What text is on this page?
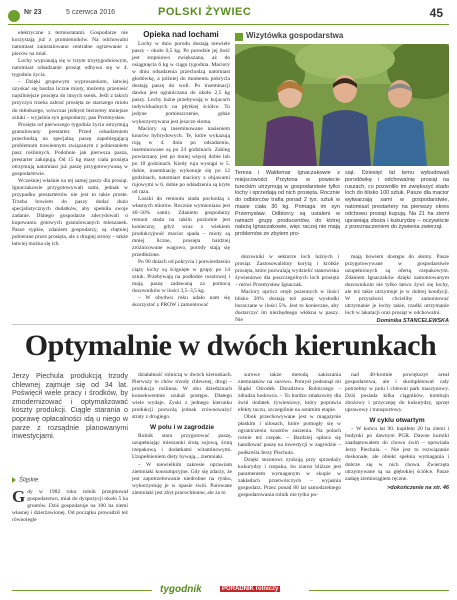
Nr 23	5 czerwca 2016	POLSKI ŻYWIEC	45

elektryczne z termostatami. Gospodarze nie korzystają już z promienników. Na odchowalni natomiast zainstalowano centralne ogrzewanie z pieców na miał.

Lochy wypranają się w trzyte trzytygodniowym, natomiast odsadzanie prosiąt odbywa się w 4. tygodniu życia.

– Dzięki grupowym wyproszeniom, łatwiej uzyskać się bardzo liczne mioty, możemy przenieść najsilniejsze prosięta do innych ssenk. Jeśli z takich przyczyn trzeba zabrać prosięta ze starszego miotu do młodszego, wówczas jednym bierzemy mniejsze sztuki – wyjaśnia syn gospodarzy, pan Przemysław.

Prosięta od pierwszego tygodnia życia otrzymują granulowany prestarter. Przed odsadzeniem przechodzą na specjalną paszę zapobiegającą problemom trawiennym związanym z pobieraniem pasz roślinnych. Podobnie jak pierwsza pasza, prestarter zakupują. Od 15 kg masy ciała prosięta otrzymują natomiast już paszę przygotowywaną w gospodarstwie.

Wcześniej właśnie na tej samej paszy dla prosiąt. Ignaczakowie przygotowywali sami, jednak w przypadku prestartertów nie jest to takie proste. Trzeba bowiem do paszy dodać dużo specjalistycznych dodatków, aby spełniła swoje zadanie. Dlatego gospodarze zdecydowali o kupowaniu gotowych granulowanych mieszanek. Pasze sypkie, zdaniem gospodarzy, są chętniej pobierane przez prosięta, ale z drugiej strony – także łatwiej można się ich

Opieka nad lochami

Lochy w dniu porodu dostają niewiele paszy – około 0,5 kg. Po porodzie jej ilość jest stopniowo zwiększana, aż do osiągnięcia 6 kg w ciągu tygodnia. Maciory w dniu odsadzenia przechodzą natomiast głodówkę, a później do momentu pokrycia dostają paszę do woli. Po inseminacji dawka jest ograniczana do około 2,5 kg paszy. Lochy luźne przebywają w kojacach indywidualnych na płytkiej ściółce. To jedyne pomieszczenie, gdzie wykorzystywana jest jeszcze słoma.

Maciory są inseminowane nasieniem knurów hybrydowych. Te, które wykazują rują w 4. dniu po odsadzeniu, inseminowane są po 24 godzinach. Zabieg powtarzany jest po mniej więcej dobie lub po 18 godzinach. Kiedy ruja wystąpi w 5. dobie, inseminację wykonuje się po 12 godzinach, natomiast maciory z objawami rujowymi w 6. dobie po odsadzeniu są kryte od razu.

Loszki do remontu stada pochodzą z własnych miotów. Rocznie wymieniana jest 40–50% samic. Zdaniem gospodarzy remont stada na takim poziomie jest konieczny, gdyż wraz z wiekiem produkcyjność macior spada – mioty są mniej liczne, prosięta bardziej zróżnicowane wagowo, porody stają się przedłużone.

Po 90 dniach od pokrycia i potwierdzeniu ciąży lochy są ścignięte w grupy po 14 sztuk. Przebywają na podłodze rusztowej i mają paszę zadawaną za pomocą dozowników w ilości 3,5–3,5 kg.

– W obydwu roku udało nam się skorzystać z PROW i zamontować

Wizytówka gospodarstwa
Teresa i Waldemar Ignaczakowie z miejscowości Przytona w powiecie tureckim utrzymują w gospodarstwie tylko lochy i sprzedają od nich prosięta. Rocznie do odbiorców trafia ponad 2 tys. sztuk w masie ciała 30 kg. Pomaga im syn Przemysław. Odbiorcy są ustaleni w ramach grupy producentów, do której należą Ignaczakowie, więc raczej nie mają problemów ze zbytem pro-
siąt. Dziesięć lat temu wybudowali porodówkę i odchowalnię prosiąt na ruszach, co pozwoliło im zwiększyć stado loch do blisko 100 sztuk. Pasze dla macior wytwarzają sami w gospodarstwie, natomiast prestartery na pierwszy okres odchowu prosiąt kupują. Na 21 ha ziemi uprawiają zboża i kukurydzę – oczywiście z przeznaczeniem do żywienia zwierząt.

dozowniki w sektorze loch luźnych i prosiąt. Zastosowaliśmy korytą i krótkie prosięta, które pozwalają wydzielić stanowiska żywieniowe dla poszczególnych loch prosięta – mówi Przemysław Ignaczak.

Maciory oprócz otręb pszennych w ilości blisko 20% dostają też paszę wysłodki buraczane w ilości 5%. Jest to konieczne, aby dostarczyć im niezbędnego włókna w paszy. Nie

mają bowiem dostępu do słomy. Pasze przygotowywane w gospodarstwie uzupełnionych są ofertą rzepakowym. Zdaniem Ignaczaków dzięki zamontowanym dozownikom nie tylko łatwo żywi się lochy, ale też takie utrzymuje je w dobrej kondycji. W przyszłości chcieliby zamontować utrzymanie je lochy takie, rzadki utrzymanie loch w lakatacji oraz prosiąt w odchowalni.

Dominika STANCELEWSKA
Optymalnie w dwóch kierunkach
Jerzy Piechula produkcją trzody chlewnej zajmuje się od 34 lat. Poświęcił wiele pracy i środków, by zmodernizować i optymalizować koszty produkcji. Ciągle starania o poprawę opłacalności idą u niego w parze z rozsądnie planowanymi inwestycjami.
Śląskie
G dy w 1982 roku rolnik przejmował gospodarstwo, miał do dyspozycji około 5 ha gruntów. Dziś gospodaruje na 100 ha ziemi własnej i dzierżawionej. Od początku prowadził też równolegle

działalność rolniczą w dwóch kierunkach. Pierwszy to chów trzody chlewnej, drugi – produkcja roślinna. W obu dziedzinach konsekwentnie szukał postępu. Dlatego wiele wydaje. Zyski z jednego kierunku produkcji pozwolą jednak zrównoważyć straty z drugiego.

W polu i w zagrodzie

Rolnik stara przygotować paszę, uzupełniając mieszanki śrutą sojową, śrutą rzepakową i dodatkami witaminowymi. Uzupełnieniem diety bywają... ziemniaki.

– W niewielkim zakresie uprawiam ziemniaki konsumpcyjne. Gdy się zdarzy, że jest zapotrzebowanie niedrobne na rynku, wykorzystuję je w opasie świń. Parowane ziemniaki jest zbyt pracochłonne, ale za to

surowe także metodą zakiszania ziemniaków na surowo. Pomysł podsunął mi Śląski Ośrodek Doradztwa Rolniczego – zdradza hodowca. – To bardzo smakowity dla świń dodatek żywieniowy, który poprawia efekty tuczu, szczególnie na ostatnim etapie.

Obok przechowywane jest w magazynie płaskim i silosach, które pomogły się w ograniczeniu kosztów suszenia. Na polach rośnie też rzepak. – Bardziej opłaca się handlować paszę na inwestycji w zagrodzie – podkreśla Jerzy Piechula.

Dzięki sezonowi zyskują przy sprzedaży kukurydzy i rzepaku, bo ziarno bliższe jest paramentem wymaganym w skupie w zakładach przetwórczych – wyjaśnia gospodarz. Przez ponad 80 lat samodzielnego gospodarowania rolnik nie tylko po-

nad 40-krotnie powiększył areał gospodarstwa, ale i skompletował cały potrzebny w polu i chlewni park maszynowy. Dziś posiada kilka ciągników, kombajn zbożowy i przyczepę do kukurydzy, sprzęt uprawowy i transportowy.

W cyklu otwartym

– W końcu lat 90. kupiłem 20 ha ziemi i budynki po dawnym PGR. Dawne kurniki zaadaptowałem do chowu świń – opowiada Jerzy Piechula. – Nie jest to rozwiązanie doskonałe, ale obiekt spełnia wymagania i dobrze się w nich chowa. Zwierzęta utrzymywane są na głębokiej ściółce. Pasze zadaję ziemiorągiem ręczne.

>dokończenie na str. 46
tygodnik	PORADNIK rolniczy
